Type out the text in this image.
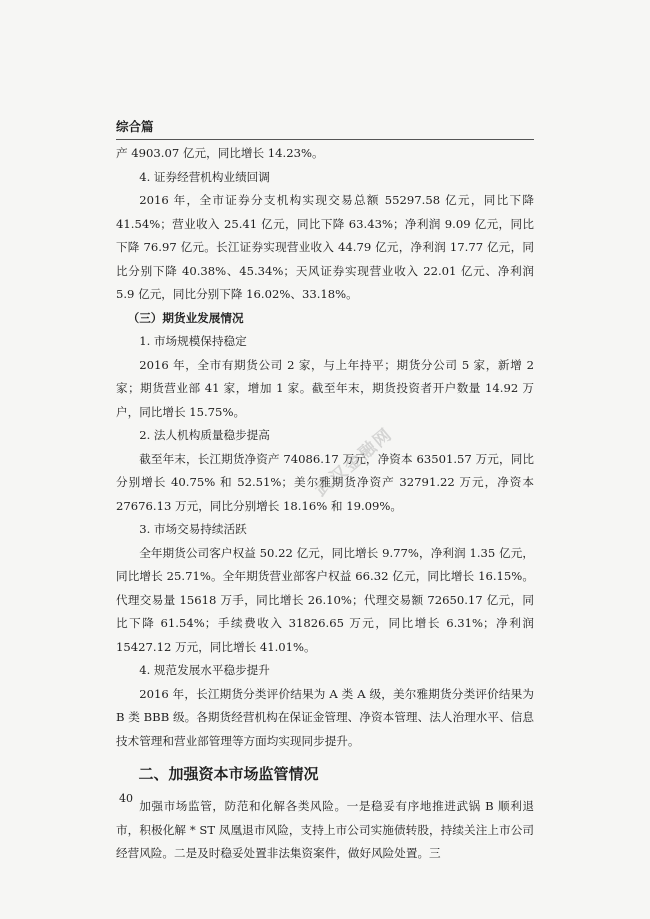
综合篇

产 4903.07 亿元，同比增长 14.23%。

4. 证券经营机构业绩回调

2016 年，全市证券分支机构实现交易总额 55297.58 亿元，同比下降 41.54%；营业收入 25.41 亿元，同比下降 63.43%；净利润 9.09 亿元，同比下降 76.97 亿元。长江证券实现营业收入 44.79 亿元，净利润 17.77 亿元，同比分别下降 40.38%、45.34%；天风证券实现营业收入 22.01 亿元、净利润 5.9 亿元，同比分别下降 16.02%、33.18%。

（三）期货业发展情况

1. 市场规模保持稳定

2016 年，全市有期货公司 2 家，与上年持平；期货分公司 5 家，新增 2 家；期货营业部 41 家，增加 1 家。截至年末，期货投资者开户数量 14.92 万户，同比增长 15.75%。

2. 法人机构质量稳步提高

截至年末，长江期货净资产 74086.17 万元，净资本 63501.57 万元，同比分别增长 40.75% 和 52.51%；美尔雅期货净资产 32791.22 万元，净资本 27676.13 万元，同比分别增长 18.16% 和 19.09%。

3. 市场交易持续活跃

全年期货公司客户权益 50.22 亿元，同比增长 9.77%，净利润 1.35 亿元，同比增长 25.71%。全年期货营业部客户权益 66.32 亿元，同比增长 16.15%。代理交易量 15618 万手，同比增长 26.10%；代理交易额 72650.17 亿元，同比下降 61.54%；手续费收入 31826.65 万元，同比增长 6.31%；净利润 15427.12 万元，同比增长 41.01%。

4. 规范发展水平稳步提升

2016 年，长江期货分类评价结果为 A 类 A 级，美尔雅期货分类评价结果为 B 类 BBB 级。各期货经营机构在保证金管理、净资本管理、法人治理水平、信息技术管理和营业部管理等方面均实现同步提升。

二、加强资本市场监管情况

加强市场监管，防范和化解各类风险。一是稳妥有序地推进武锅 B 顺利退市，积极化解 * ST 凤凰退市风险，支持上市公司实施债转股，持续关注上市公司经营风险。二是及时稳妥处置非法集资案件，做好风险处置。三

武汉金融网
40
